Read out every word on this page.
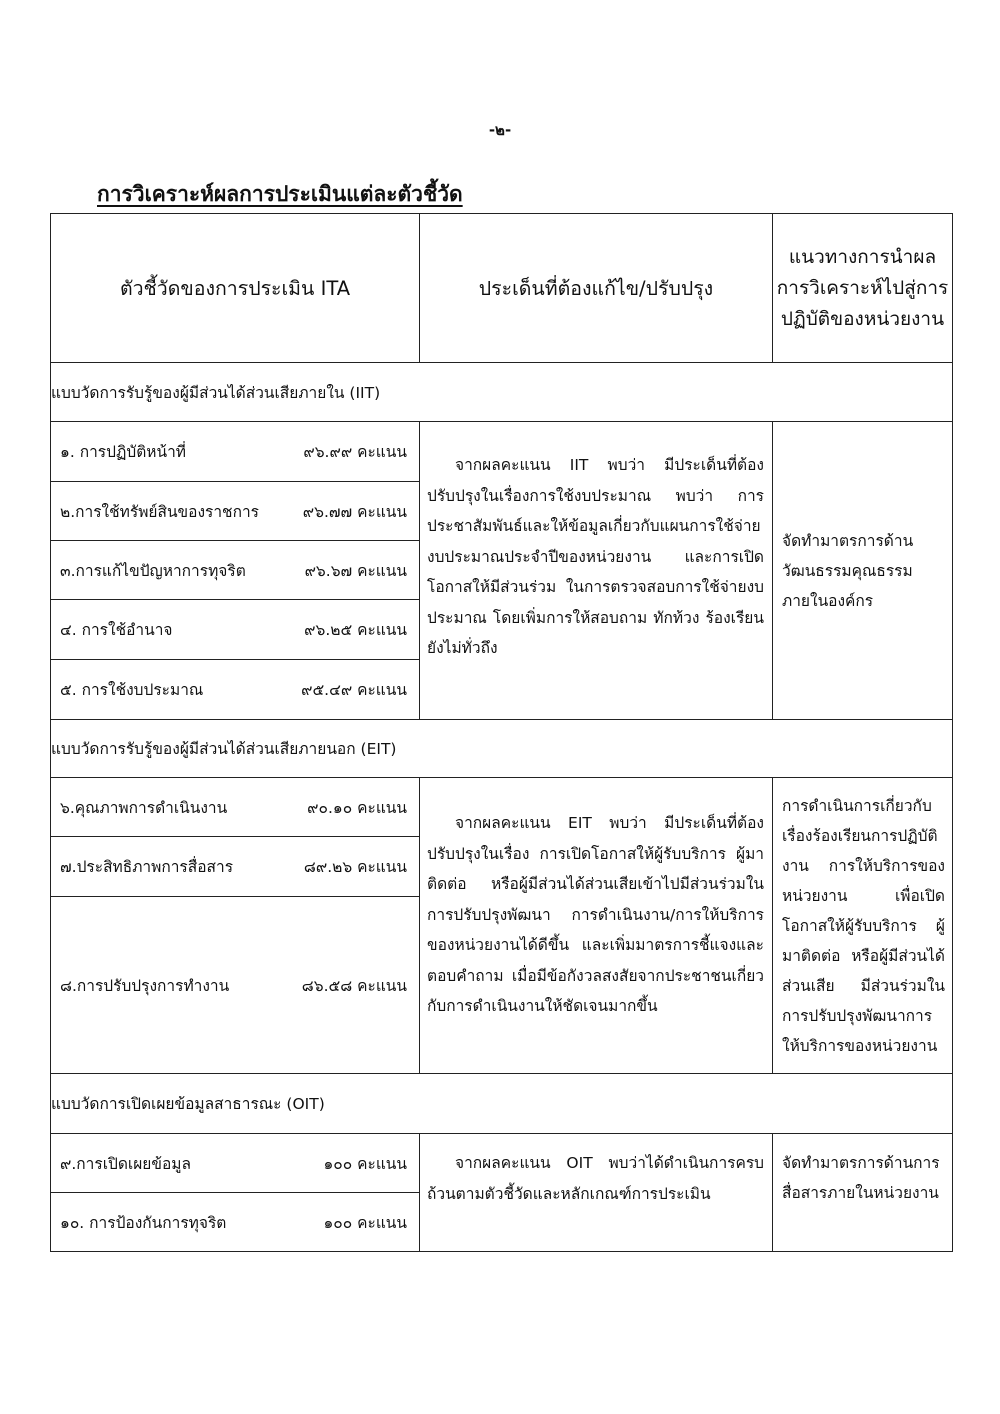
-๒-
การวิเคราะห์ผลการประเมินแต่ละตัวชี้วัด
ตัวชี้วัดของการประเมิน ITA	ประเด็นที่ต้องแก้ไข/ปรับปรุง	แนวทางการนำผลการวิเคราะห์ไปสู่การปฏิบัติของหน่วยงาน
แบบวัดการรับรู้ของผู้มีส่วนได้ส่วนเสียภายใน (IIT)		

๑. การปฏิบัติหน้าที่ ๙๖.๙๙ คะแนน	จากผลคะแนน IIT พบว่า มีประเด็นที่ต้องปรับปรุงในเรื่องการใช้งบประมาณ พบว่า การประชาสัมพันธ์และให้ข้อมูลเกี่ยวกับแผนการใช้จ่ายงบประมาณประจำปีของหน่วยงาน และการเปิดโอกาสให้มีส่วนร่วม ในการตรวจสอบการใช้จ่ายงบประมาณ โดยเพิ่มการให้สอบถาม ทักท้วง ร้องเรียน ยังไม่ทั่วถึง	จัดทำมาตรการด้านวัฒนธรรมคุณธรรมภายในองค์กร

๒.การใช้ทรัพย์สินของราชการ ๙๖.๗๗ คะแนน		

๓.การแก้ไขปัญหาการทุจริต ๙๖.๖๗ คะแนน		

๔. การใช้อำนาจ ๙๖.๒๕ คะแนน		

๕. การใช้งบประมาณ ๙๕.๔๙ คะแนน		

แบบวัดการรับรู้ของผู้มีส่วนได้ส่วนเสียภายนอก (EIT)		

๖.คุณภาพการดำเนินงาน ๙๐.๑๐ คะแนน	จากผลคะแนน EIT พบว่า มีประเด็นที่ต้องปรับปรุงในเรื่อง การเปิดโอกาสให้ผู้รับบริการ ผู้มาติดต่อ หรือผู้มีส่วนได้ส่วนเสียเข้าไปมีส่วนร่วมในการปรับปรุงพัฒนา การดำเนินงาน/การให้บริการของหน่วยงานได้ดีขึ้น และเพิ่มมาตรการชี้แจงและตอบคำถาม เมื่อมีข้อกังวลสงสัยจากประชาชนเกี่ยวกับการดำเนินงานให้ชัดเจนมากขึ้น	การดำเนินการเกี่ยวกับเรื่องร้องเรียนการปฏิบัติงาน การให้บริการของหน่วยงาน เพื่อเปิดโอกาสให้ผู้รับบริการ ผู้มาติดต่อ หรือผู้มีส่วนได้ส่วนเสีย มีส่วนร่วมในการปรับปรุงพัฒนาการให้บริการของหน่วยงาน

๗.ประสิทธิภาพการสื่อสาร ๘๙.๒๖ คะแนน		

๘.การปรับปรุงการทำงาน ๘๖.๕๘ คะแนน		

แบบวัดการเปิดเผยข้อมูลสาธารณะ (OIT)		

๙.การเปิดเผยข้อมูล ๑๐๐ คะแนน	จากผลคะแนน OIT พบว่าได้ดำเนินการครบถ้วนตามตัวชี้วัดและหลักเกณฑ์การประเมิน	จัดทำมาตรการด้านการสื่อสารภายในหน่วยงาน

๑๐. การป้องกันการทุจริต ๑๐๐ คะแนน		
